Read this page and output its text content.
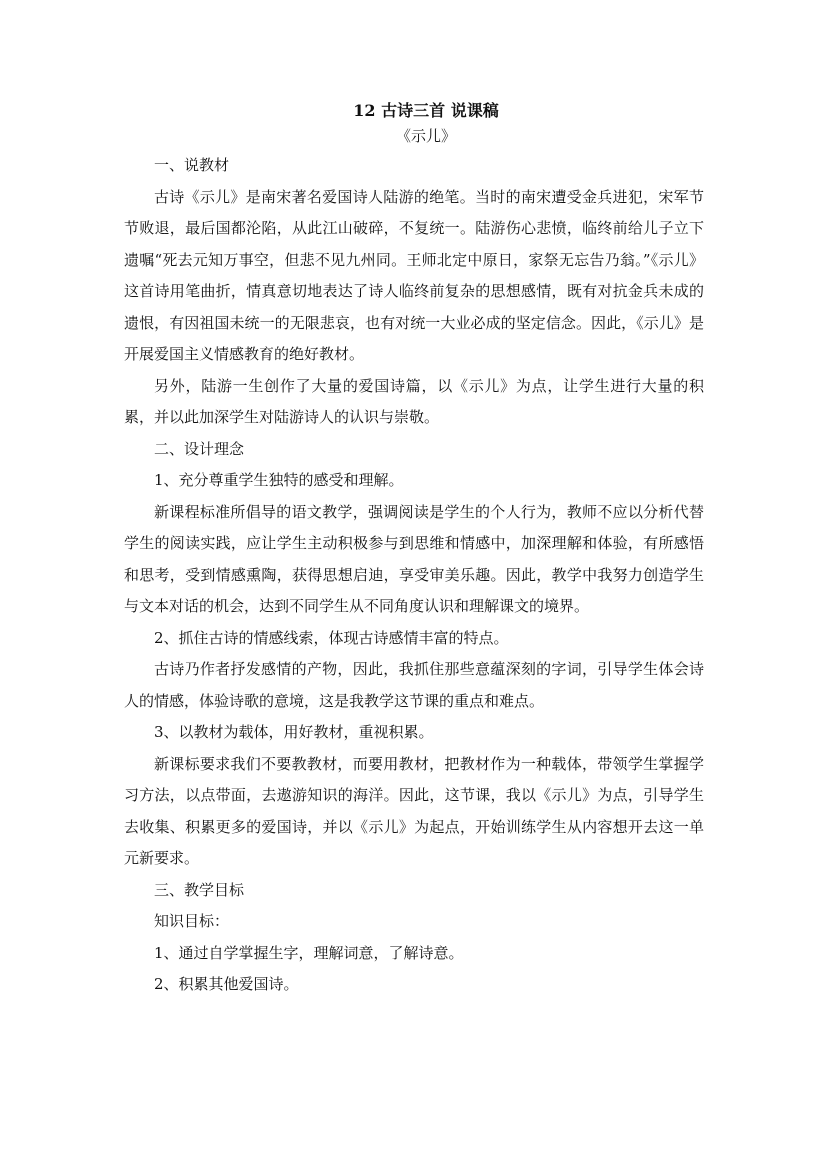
12 古诗三首 说课稿
《示儿》

一、说教材

古诗《示儿》是南宋著名爱国诗人陆游的绝笔。当时的南宋遭受金兵进犯，宋军节节败退，最后国都沦陷，从此江山破碎，不复统一。陆游伤心悲愤，临终前给儿子立下遗嘱“死去元知万事空，但悲不见九州同。王师北定中原日，家祭无忘告乃翁。”《示儿》这首诗用笔曲折，情真意切地表达了诗人临终前复杂的思想感情，既有对抗金兵未成的遗恨，有因祖国未统一的无限悲哀，也有对统一大业必成的坚定信念。因此，《示儿》是开展爱国主义情感教育的绝好教材。

另外，陆游一生创作了大量的爱国诗篇，以《示儿》为点，让学生进行大量的积累，并以此加深学生对陆游诗人的认识与崇敬。

二、设计理念

1、充分尊重学生独特的感受和理解。

新课程标准所倡导的语文教学，强调阅读是学生的个人行为，教师不应以分析代替学生的阅读实践，应让学生主动积极参与到思维和情感中，加深理解和体验，有所感悟和思考，受到情感熏陶，获得思想启迪，享受审美乐趣。因此，教学中我努力创造学生与文本对话的机会，达到不同学生从不同角度认识和理解课文的境界。

2、抓住古诗的情感线索，体现古诗感情丰富的特点。

古诗乃作者抒发感情的产物，因此，我抓住那些意蕴深刻的字词，引导学生体会诗人的情感，体验诗歌的意境，这是我教学这节课的重点和难点。

3、以教材为载体，用好教材，重视积累。

新课标要求我们不要教教材，而要用教材，把教材作为一种载体，带领学生掌握学习方法，以点带面，去遨游知识的海洋。因此，这节课，我以《示儿》为点，引导学生去收集、积累更多的爱国诗，并以《示儿》为起点，开始训练学生从内容想开去这一单元新要求。

三、教学目标

知识目标：

1、通过自学掌握生字，理解词意，了解诗意。

2、积累其他爱国诗。
